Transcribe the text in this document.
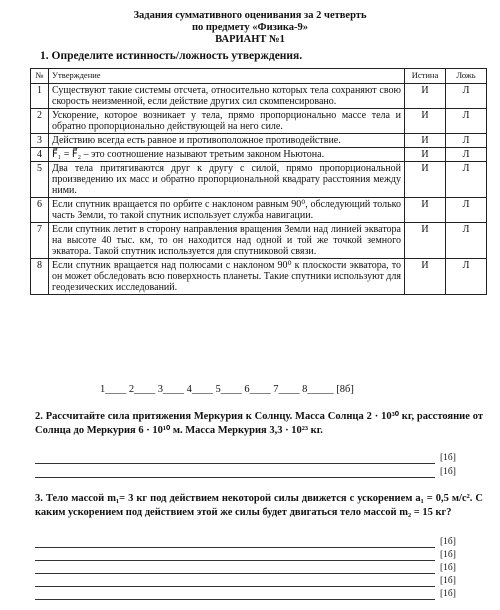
Задания суммативного оценивания за 2 четверть
по предмету «Физика-9»
ВАРИАНТ №1
1. Определите истинность/ложность утверждения.
№	Утверждение	Истина	Ложь
1	Существуют такие системы отсчета, относительно которых тела сохраняют свою скорость неизменной, если действие других сил скомпенсировано.	И	Л
2	Ускорение, которое возникает у тела, прямо пропорционально массе тела и обратно пропорционально действующей на него силе.	И	Л
3	Действию всегда есть равное и противоположное противодействие.	И	Л
4	F⃗₁ = F⃗₂ – это соотношение называют третьим законом Ньютона.	И	Л
5	Два тела притягиваются друг к другу с силой, прямо пропорциональной произведению их масс и обратно пропорциональной квадрату расстояния между ними.	И	Л
6	Если спутник вращается по орбите с наклоном равным 90⁰, обследующий только часть Земли, то такой спутник использует служба навигации.	И	Л
7	Если спутник летит в сторону направления вращения Земли над линией экватора на высоте 40 тыс. км, то он находится над одной и той же точкой земного экватора. Такой спутник используется для спутниковой связи.	И	Л
8	Если спутник вращается над полюсами с наклоном 90⁰ к плоскости экватора, то он может обследовать всю поверхность планеты. Такие спутники используют для геодезических исследований.	И	Л
1____ 2____ 3____ 4____ 5____ 6____ 7____ 8_____ [8б]
2. Рассчитайте сила притяжения Меркурия к Солнцу. Масса Солнца 2 · 10³⁰ кг, расстояние от Солнца до Меркурия 6 · 10¹⁰ м. Масса Меркурия 3,3 · 10²³ кг.
[1б]
[1б]
3. Тело массой m₁= 3 кг под действием некоторой силы движется с ускорением a₁ = 0,5 м/с². С каким ускорением под действием этой же силы будет двигаться тело массой m₂ = 15 кг?
[1б]
[1б]
[1б]
[1б]
[1б]
